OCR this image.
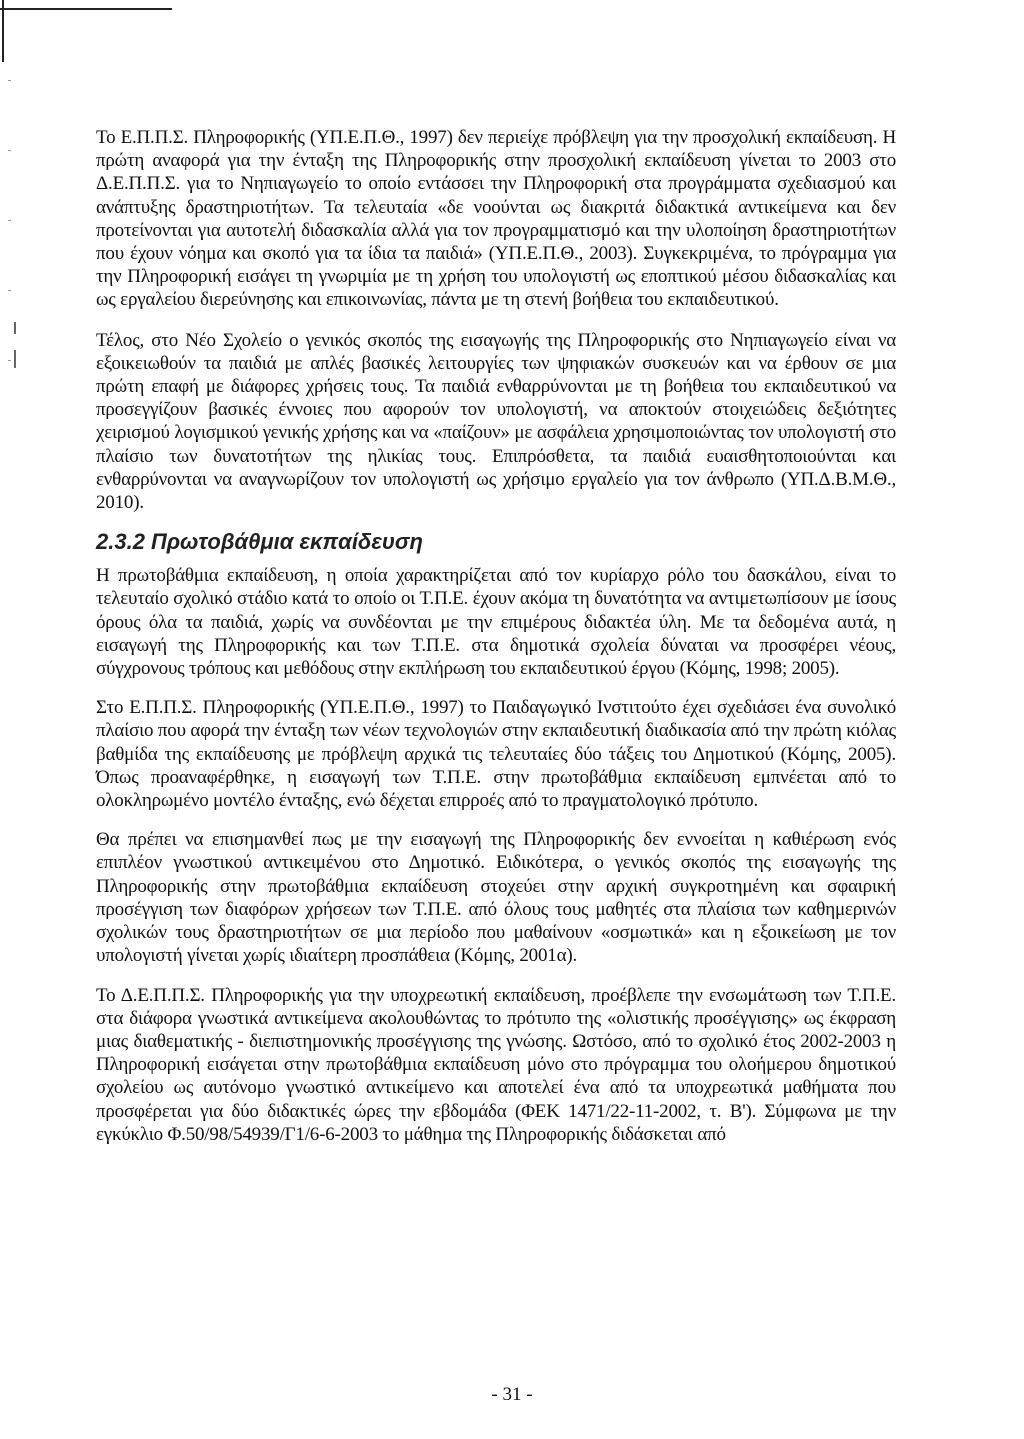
Το Ε.Π.Π.Σ. Πληροφορικής (ΥΠ.Ε.Π.Θ., 1997) δεν περιείχε πρόβλεψη για την προσχολική εκπαίδευση. Η πρώτη αναφορά για την ένταξη της Πληροφορικής στην προσχολική εκπαίδευση γίνεται το 2003 στο Δ.Ε.Π.Π.Σ. για το Νηπιαγωγείο το οποίο εντάσσει την Πληροφορική στα προγράμματα σχεδιασμού και ανάπτυξης δραστηριοτήτων. Τα τελευταία «δε νοούνται ως διακριτά διδακτικά αντικείμενα και δεν προτείνονται για αυτοτελή διδασκαλία αλλά για τον προγραμματισμό και την υλοποίηση δραστηριοτήτων που έχουν νόημα και σκοπό για τα ίδια τα παιδιά» (ΥΠ.Ε.Π.Θ., 2003). Συγκεκριμένα, το πρόγραμμα για την Πληροφορική εισάγει τη γνωριμία με τη χρήση του υπολογιστή ως εποπτικού μέσου διδασκαλίας και ως εργαλείου διερεύνησης και επικοινωνίας, πάντα με τη στενή βοήθεια του εκπαιδευτικού.

Τέλος, στο Νέο Σχολείο ο γενικός σκοπός της εισαγωγής της Πληροφορικής στο Νηπιαγωγείο είναι να εξοικειωθούν τα παιδιά με απλές βασικές λειτουργίες των ψηφιακών συσκευών και να έρθουν σε μια πρώτη επαφή με διάφορες χρήσεις τους. Τα παιδιά ενθαρρύνονται με τη βοήθεια του εκπαιδευτικού να προσεγγίζουν βασικές έννοιες που αφορούν τον υπολογιστή, να αποκτούν στοιχειώδεις δεξιότητες χειρισμού λογισμικού γενικής χρήσης και να «παίζουν» με ασφάλεια χρησιμοποιώντας τον υπολογιστή στο πλαίσιο των δυνατοτήτων της ηλικίας τους. Επιπρόσθετα, τα παιδιά ευαισθητοποιούνται και ενθαρρύνονται να αναγνωρίζουν τον υπολογιστή ως χρήσιμο εργαλείο για τον άνθρωπο (ΥΠ.Δ.Β.Μ.Θ., 2010).

2.3.2 Πρωτοβάθμια εκπαίδευση

Η πρωτοβάθμια εκπαίδευση, η οποία χαρακτηρίζεται από τον κυρίαρχο ρόλο του δασκάλου, είναι το τελευταίο σχολικό στάδιο κατά το οποίο οι Τ.Π.Ε. έχουν ακόμα τη δυνατότητα να αντιμετωπίσουν με ίσους όρους όλα τα παιδιά, χωρίς να συνδέονται με την επιμέρους διδακτέα ύλη. Με τα δεδομένα αυτά, η εισαγωγή της Πληροφορικής και των Τ.Π.Ε. στα δημοτικά σχολεία δύναται να προσφέρει νέους, σύγχρονους τρόπους και μεθόδους στην εκπλήρωση του εκπαιδευτικού έργου (Κόμης, 1998; 2005).

Στο Ε.Π.Π.Σ. Πληροφορικής (ΥΠ.Ε.Π.Θ., 1997) το Παιδαγωγικό Ινστιτούτο έχει σχεδιάσει ένα συνολικό πλαίσιο που αφορά την ένταξη των νέων τεχνολογιών στην εκπαιδευτική διαδικασία από την πρώτη κιόλας βαθμίδα της εκπαίδευσης με πρόβλεψη αρχικά τις τελευταίες δύο τάξεις του Δημοτικού (Κόμης, 2005). Όπως προαναφέρθηκε, η εισαγωγή των Τ.Π.Ε. στην πρωτοβάθμια εκπαίδευση εμπνέεται από το ολοκληρωμένο μοντέλο ένταξης, ενώ δέχεται επιρροές από το πραγματολογικό πρότυπο.

Θα πρέπει να επισημανθεί πως με την εισαγωγή της Πληροφορικής δεν εννοείται η καθιέρωση ενός επιπλέον γνωστικού αντικειμένου στο Δημοτικό. Ειδικότερα, ο γενικός σκοπός της εισαγωγής της Πληροφορικής στην πρωτοβάθμια εκπαίδευση στοχεύει στην αρχική συγκροτημένη και σφαιρική προσέγγιση των διαφόρων χρήσεων των Τ.Π.Ε. από όλους τους μαθητές στα πλαίσια των καθημερινών σχολικών τους δραστηριοτήτων σε μια περίοδο που μαθαίνουν «οσμωτικά» και η εξοικείωση με τον υπολογιστή γίνεται χωρίς ιδιαίτερη προσπάθεια (Κόμης, 2001α).

Το Δ.Ε.Π.Π.Σ. Πληροφορικής για την υποχρεωτική εκπαίδευση, προέβλεπε την ενσωμάτωση των Τ.Π.Ε. στα διάφορα γνωστικά αντικείμενα ακολουθώντας το πρότυπο της «ολιστικής προσέγγισης» ως έκφραση μιας διαθεματικής - διεπιστημονικής προσέγγισης της γνώσης. Ωστόσο, από το σχολικό έτος 2002-2003 η Πληροφορική εισάγεται στην πρωτοβάθμια εκπαίδευση μόνο στο πρόγραμμα του ολοήμερου δημοτικού σχολείου ως αυτόνομο γνωστικό αντικείμενο και αποτελεί ένα από τα υποχρεωτικά μαθήματα που προσφέρεται για δύο διδακτικές ώρες την εβδομάδα (ΦΕΚ 1471/22-11-2002, τ. Β'). Σύμφωνα με την εγκύκλιο Φ.50/98/54939/Γ1/6-6-2003 το μάθημα της Πληροφορικής διδάσκεται από

- 31 -
